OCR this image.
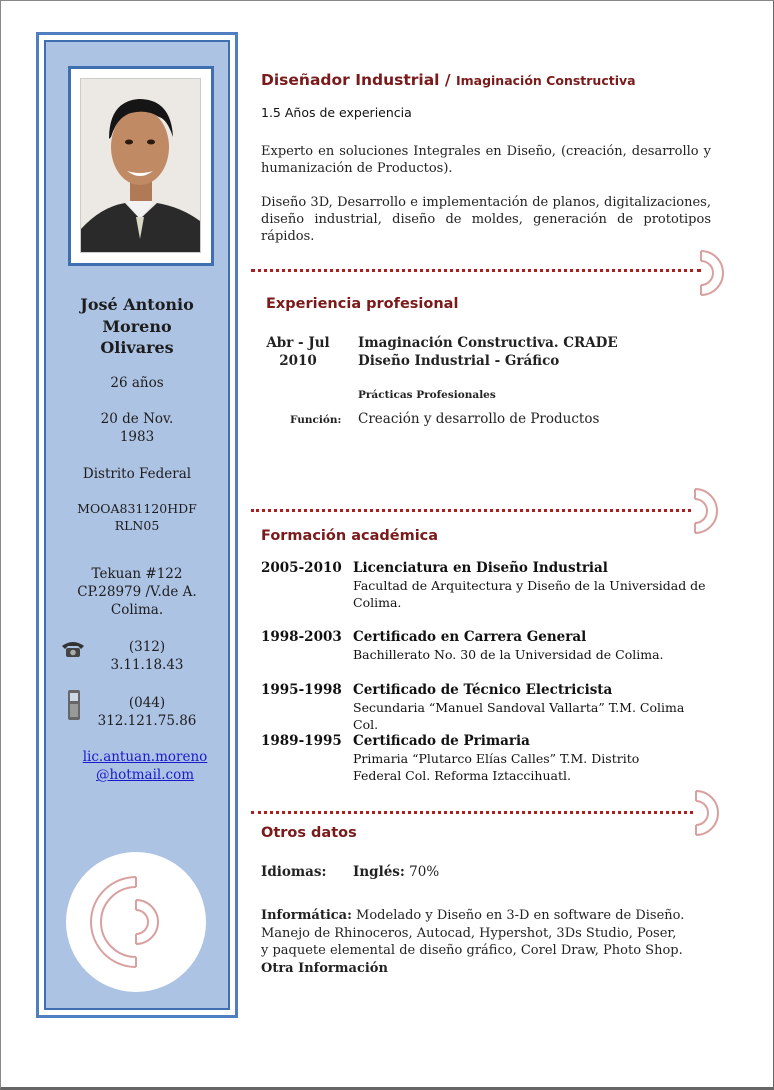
José Antonio
Moreno
Olivares
26 años
20 de Nov.
1983
Distrito Federal
MOOA831120HDF
RLN05
Tekuan #122
CP.28979 /V.de A.
Colima.
(312)
3.11.18.43
(044)
312.121.75.86
lic.antuan.moreno
@hotmail.com
Diseñador Industrial / Imaginación Constructiva
1.5 Años de experiencia
Experto en soluciones Integrales en Diseño, (creación, desarrollo y humanización de Productos).
Diseño 3D, Desarrollo e implementación de planos, digitalizaciones, diseño industrial, diseño de moldes, generación de prototipos rápidos.
Experiencia profesional
Abr - Jul
2010
Imaginación Constructiva. CRADE
Diseño Industrial - Gráfico
Prácticas Profesionales
Función: Creación y desarrollo de Productos
Formación académica
2005-2010 Licenciatura en Diseño Industrial
Facultad de Arquitectura y Diseño de la Universidad de Colima.
1998-2003 Certificado en Carrera General
Bachillerato No. 30 de la Universidad de Colima.
1995-1998 Certificado de Técnico Electricista
Secundaria “Manuel Sandoval Vallarta” T.M. Colima Col.
1989-1995 Certificado de Primaria
Primaria “Plutarco Elías Calles” T.M. Distrito Federal Col. Reforma Iztaccihuatl.
Otros datos
Idiomas: Inglés: 70%
Informática: Modelado y Diseño en 3-D en software de Diseño. Manejo de Rhinoceros, Autocad, Hypershot, 3Ds Studio, Poser, y paquete elemental de diseño gráfico, Corel Draw, Photo Shop.
Otra Información
